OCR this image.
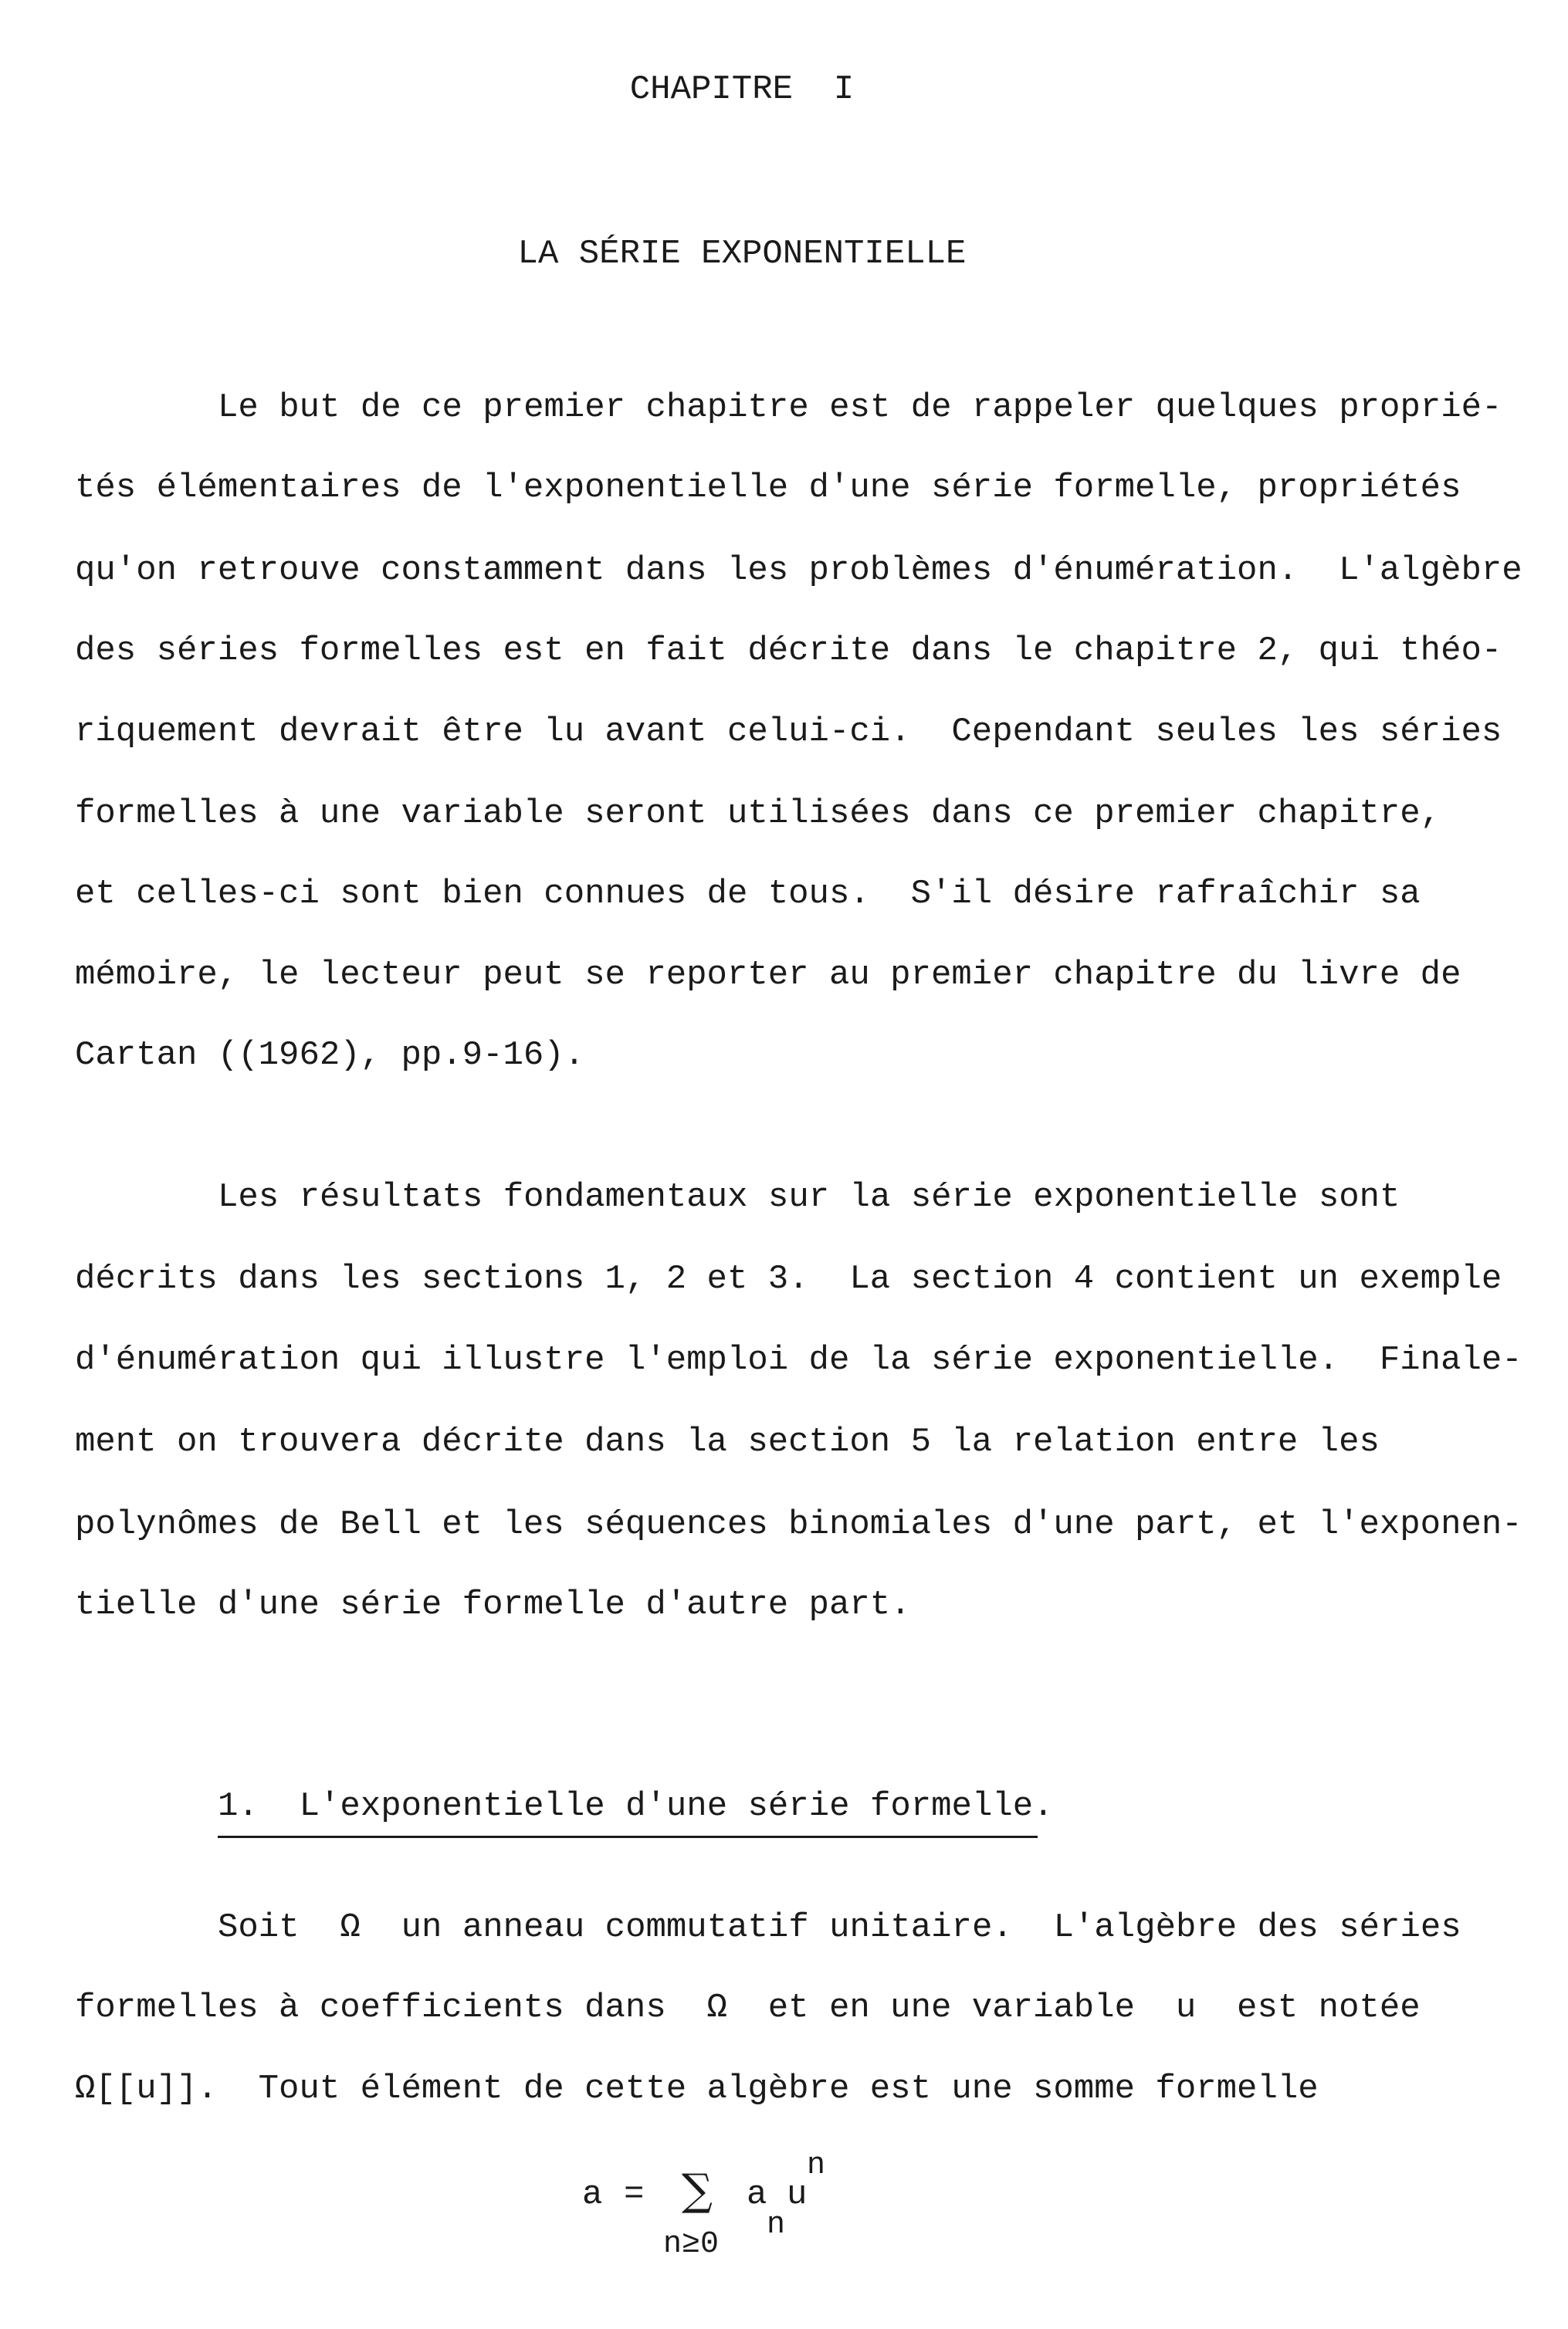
CHAPITRE  I
LA SÉRIE EXPONENTIELLE
Le but de ce premier chapitre est de rappeler quelques proprié-
tés élémentaires de l'exponentielle d'une série formelle, propriétés
qu'on retrouve constamment dans les problèmes d'énumération.  L'algèbre
des séries formelles est en fait décrite dans le chapitre 2, qui théo-
riquement devrait être lu avant celui-ci.  Cependant seules les séries
formelles à une variable seront utilisées dans ce premier chapitre,
et celles-ci sont bien connues de tous.  S'il désire rafraîchir sa
mémoire, le lecteur peut se reporter au premier chapitre du livre de
Cartan ((1962), pp.9-16).
Les résultats fondamentaux sur la série exponentielle sont
décrits dans les sections 1, 2 et 3.  La section 4 contient un exemple
d'énumération qui illustre l'emploi de la série exponentielle.  Finale-
ment on trouvera décrite dans la section 5 la relation entre les
polynômes de Bell et les séquences binomiales d'une part, et l'exponen-
tielle d'une série formelle d'autre part.
1.  L'exponentielle d'une série formelle.
Soit  Ω  un anneau commutatif unitaire.  L'algèbre des séries
formelles à coefficients dans  Ω  et en une variable  u  est notée
Ω[[u]].  Tout élément de cette algèbre est une somme formelle
a = ∑
n≥0
a
n
u
n
